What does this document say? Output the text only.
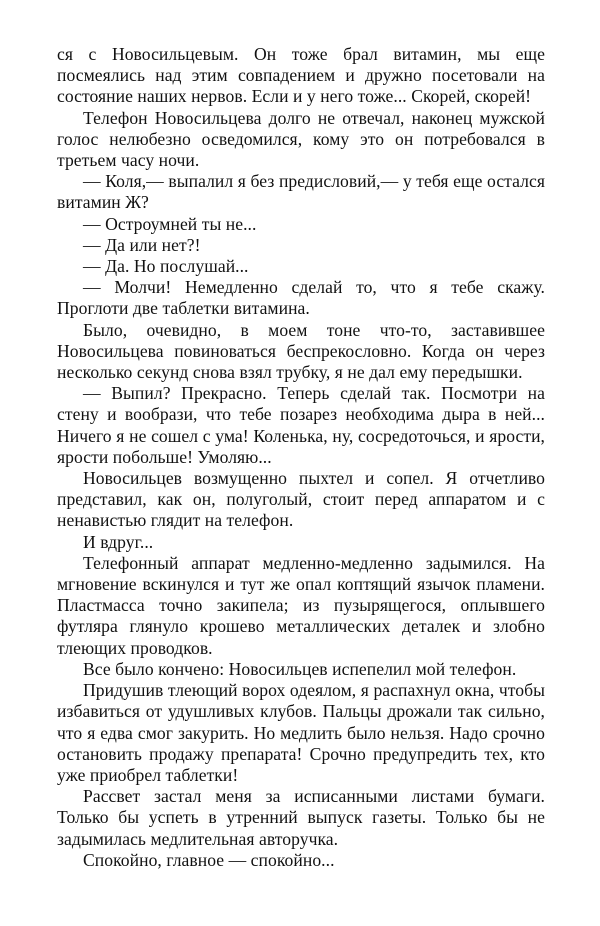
ся с Новосильцевым. Он тоже брал витамин, мы еще посмеялись над этим совпадением и дружно посетовали на состояние наших нервов. Если и у него тоже... Скорей, скорей!

Телефон Новосильцева долго не отвечал, наконец мужской голос нелюбезно осведомился, кому это он потребовался в третьем часу ночи.

— Коля,— выпалил я без предисловий,— у тебя еще остался витамин Ж?

— Остроумней ты не...

— Да или нет?!

— Да. Но послушай...

— Молчи! Немедленно сделай то, что я тебе скажу. Проглоти две таблетки витамина.

Было, очевидно, в моем тоне что-то, заставившее Новосильцева повиноваться беспрекословно. Когда он через несколько секунд снова взял трубку, я не дал ему передышки.

— Выпил? Прекрасно. Теперь сделай так. Посмотри на стену и вообрази, что тебе позарез необходима дыра в ней... Ничего я не сошел с ума! Коленька, ну, сосредоточься, и ярости, ярости побольше! Умоляю...

Новосильцев возмущенно пыхтел и сопел. Я отчетливо представил, как он, полуголый, стоит перед аппаратом и с ненавистью глядит на телефон.

И вдруг...

Телефонный аппарат медленно-медленно задымился. На мгновение вскинулся и тут же опал коптящий язычок пламени. Пластмасса точно закипела; из пузырящегося, оплывшего футляра глянуло крошево металлических деталек и злобно тлеющих проводков.

Все было кончено: Новосильцев испепелил мой телефон.

Придушив тлеющий ворох одеялом, я распахнул окна, чтобы избавиться от удушливых клубов. Пальцы дрожали так сильно, что я едва смог закурить. Но медлить было нельзя. Надо срочно остановить продажу препарата! Срочно предупредить тех, кто уже приобрел таблетки!

Рассвет застал меня за исписанными листами бумаги. Только бы успеть в утренний выпуск газеты. Только бы не задымилась медлительная авторучка.

Спокойно, главное — спокойно...
